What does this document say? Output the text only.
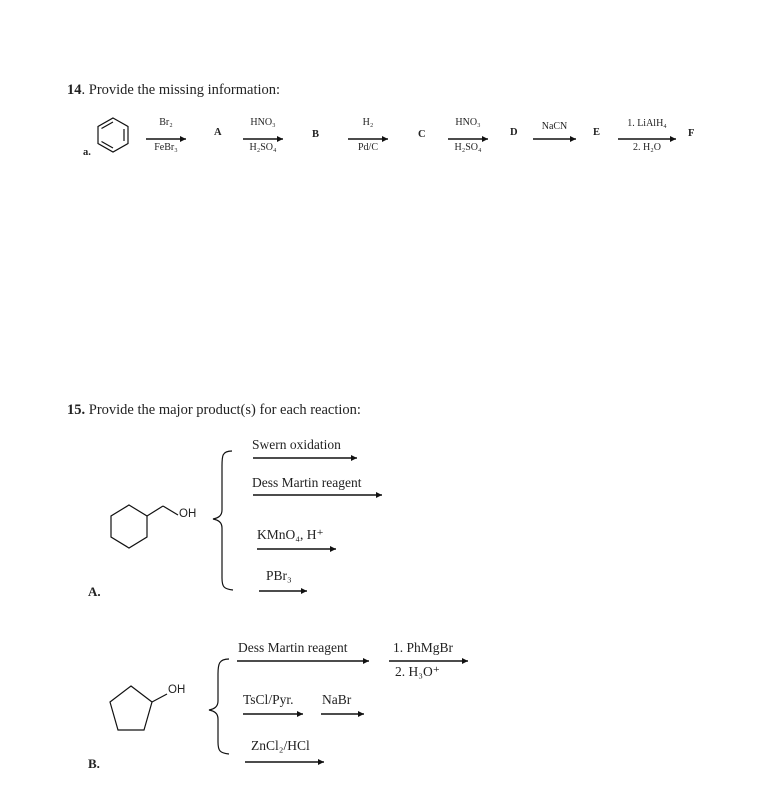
14. Provide the missing information:
a.
Br₂
FeBr₃
HNO₃
H₂SO₄
H₂
Pd/C
HNO₃
H₂SO₄
NaCN	1. LiAlH₄
2. H₂O
A	B	C	D	E	F
15. Provide the major product(s) for each reaction:
OH
Swern oxidation
Dess Martin reagent
KMnO₄, H⁺
PBr₃
A.
OH
Dess Martin reagent	1. PhMgBr
2. H₃O⁺
TsCl/Pyr. NaBr
ZnCl₂/HCl
B.
